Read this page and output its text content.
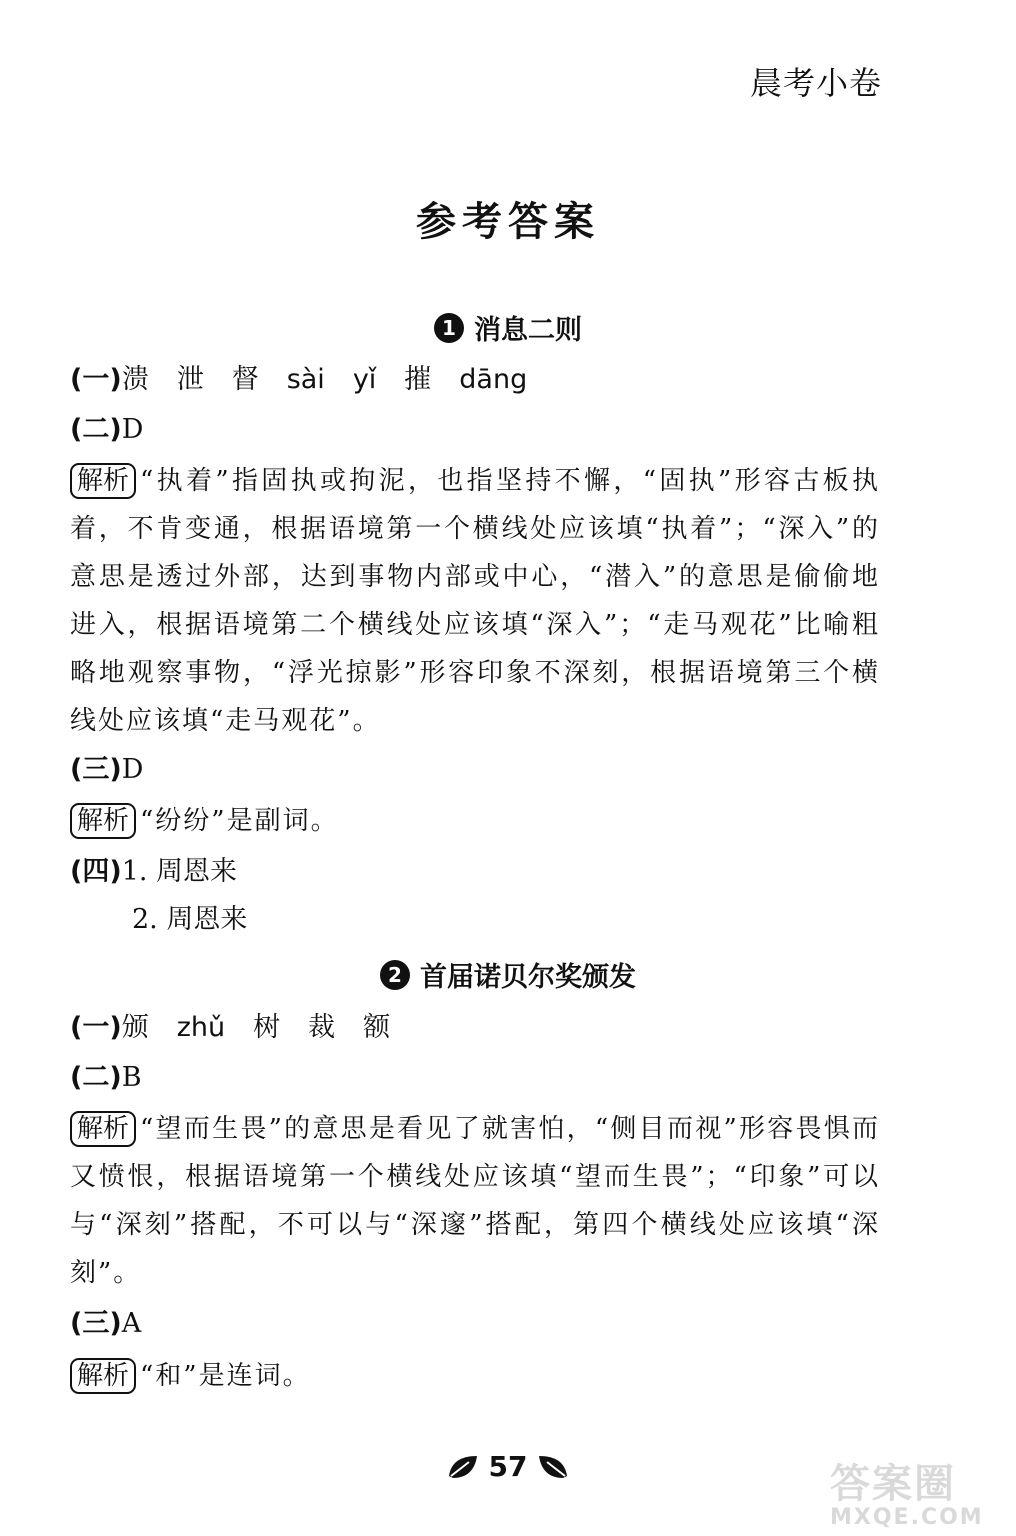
晨考小卷
参考答案
1 消息二则
(一)溃 泄 督 sài yǐ 摧 dāng
(二)D
解析 “执着”指固执或拘泥，也指坚持不懈，“固执”形容古板执着，不肯变通，根据语境第一个横线处应该填“执着”；“深入”的意思是透过外部，达到事物内部或中心，“潜入”的意思是偷偷地进入，根据语境第二个横线处应该填“深入”；“走马观花”比喻粗略地观察事物，“浮光掠影”形容印象不深刻，根据语境第三个横线处应该填“走马观花”。
(三)D
解析 “纷纷”是副词。
(四)1. 周恩来
2. 周恩来
2 首届诺贝尔奖颁发
(一)颁 zhǔ 树 裁 额
(二)B
解析 “望而生畏”的意思是看见了就害怕，“侧目而视”形容畏惧而又愤恨，根据语境第一个横线处应该填“望而生畏”；“印象”可以与“深刻”搭配，不可以与“深邃”搭配，第四个横线处应该填“深刻”。
(三)A
解析 “和”是连词。
57	答案圈
MXQE.COM
